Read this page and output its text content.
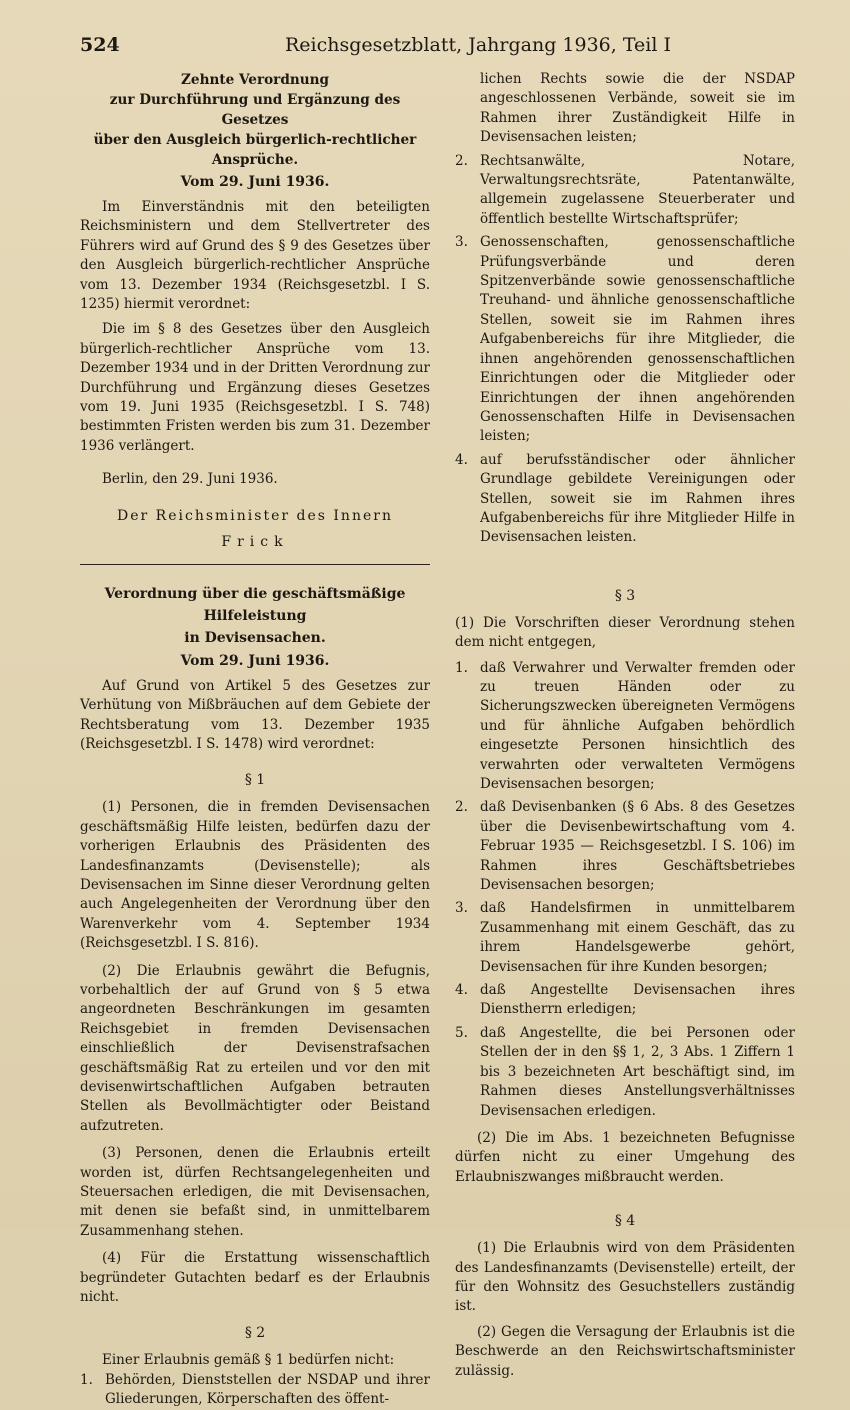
524	Reichsgesetzblatt, Jahrgang 1936, Teil I

Zehnte Verordnung

zur Durchführung und Ergänzung des Gesetzes

über den Ausgleich bürgerlich-rechtlicher Ansprüche.

Vom 29. Juni 1936.

Im Einverständnis mit den beteiligten Reichsministern und dem Stellvertreter des Führers wird auf Grund des § 9 des Gesetzes über den Ausgleich bürgerlich-rechtlicher Ansprüche vom 13. Dezember 1934 (Reichsgesetzbl. I S. 1235) hiermit verordnet:

Die im § 8 des Gesetzes über den Ausgleich bürgerlich-rechtlicher Ansprüche vom 13. Dezember 1934 und in der Dritten Verordnung zur Durchführung und Ergänzung dieses Gesetzes vom 19. Juni 1935 (Reichsgesetzbl. I S. 748) bestimmten Fristen werden bis zum 31. Dezember 1936 verlängert.

Berlin, den 29. Juni 1936.

Der Reichsminister des Innern

Frick

Verordnung über die geschäftsmäßige Hilfeleistung

in Devisensachen.

Vom 29. Juni 1936.

Auf Grund von Artikel 5 des Gesetzes zur Verhütung von Mißbräuchen auf dem Gebiete der Rechtsberatung vom 13. Dezember 1935 (Reichsgesetzbl. I S. 1478) wird verordnet:

§ 1

(1) Personen, die in fremden Devisensachen geschäftsmäßig Hilfe leisten, bedürfen dazu der vorherigen Erlaubnis des Präsidenten des Landesfinanzamts (Devisenstelle); als Devisensachen im Sinne dieser Verordnung gelten auch Angelegenheiten der Verordnung über den Warenverkehr vom 4. September 1934 (Reichsgesetzbl. I S. 816).

(2) Die Erlaubnis gewährt die Befugnis, vorbehaltlich der auf Grund von § 5 etwa angeordneten Beschränkungen im gesamten Reichsgebiet in fremden Devisensachen einschließlich der Devisenstrafsachen geschäftsmäßig Rat zu erteilen und vor den mit devisenwirtschaftlichen Aufgaben betrauten Stellen als Bevollmächtigter oder Beistand aufzutreten.

(3) Personen, denen die Erlaubnis erteilt worden ist, dürfen Rechtsangelegenheiten und Steuersachen erledigen, die mit Devisensachen, mit denen sie befaßt sind, in unmittelbarem Zusammenhang stehen.

(4) Für die Erstattung wissenschaftlich begründeter Gutachten bedarf es der Erlaubnis nicht.

§ 2

Einer Erlaubnis gemäß § 1 bedürfen nicht:

1. Behörden, Dienststellen der NSDAP und ihrer Gliederungen, Körperschaften des öffent-
lichen Rechts sowie die der NSDAP angeschlossenen Verbände, soweit sie im Rahmen ihrer Zuständigkeit Hilfe in Devisensachen leisten;
2. Rechtsanwälte, Notare, Verwaltungsrechtsräte, Patentanwälte, allgemein zugelassene Steuerberater und öffentlich bestellte Wirtschaftsprüfer;
3. Genossenschaften, genossenschaftliche Prüfungsverbände und deren Spitzenverbände sowie genossenschaftliche Treuhand- und ähnliche genossenschaftliche Stellen, soweit sie im Rahmen ihres Aufgabenbereichs für ihre Mitglieder, die ihnen angehörenden genossenschaftlichen Einrichtungen oder die Mitglieder oder Einrichtungen der ihnen angehörenden Genossenschaften Hilfe in Devisensachen leisten;
4. auf berufsständischer oder ähnlicher Grundlage gebildete Vereinigungen oder Stellen, soweit sie im Rahmen ihres Aufgabenbereichs für ihre Mitglieder Hilfe in Devisensachen leisten.

§ 3

(1) Die Vorschriften dieser Verordnung stehen dem nicht entgegen,

1. daß Verwahrer und Verwalter fremden oder zu treuen Händen oder zu Sicherungszwecken übereigneten Vermögens und für ähnliche Aufgaben behördlich eingesetzte Personen hinsichtlich des verwahrten oder verwalteten Vermögens Devisensachen besorgen;
2. daß Devisenbanken (§ 6 Abs. 8 des Gesetzes über die Devisenbewirtschaftung vom 4. Februar 1935 — Reichsgesetzbl. I S. 106) im Rahmen ihres Geschäftsbetriebes Devisensachen besorgen;
3. daß Handelsfirmen in unmittelbarem Zusammenhang mit einem Geschäft, das zu ihrem Handelsgewerbe gehört, Devisensachen für ihre Kunden besorgen;
4. daß Angestellte Devisensachen ihres Dienstherrn erledigen;
5. daß Angestellte, die bei Personen oder Stellen der in den §§ 1, 2, 3 Abs. 1 Ziffern 1 bis 3 bezeichneten Art beschäftigt sind, im Rahmen dieses Anstellungsverhältnisses Devisensachen erledigen.

(2) Die im Abs. 1 bezeichneten Befugnisse dürfen nicht zu einer Umgehung des Erlaubniszwanges mißbraucht werden.

§ 4

(1) Die Erlaubnis wird von dem Präsidenten des Landesfinanzamts (Devisenstelle) erteilt, der für den Wohnsitz des Gesuchstellers zuständig ist.

(2) Gegen die Versagung der Erlaubnis ist die Beschwerde an den Reichswirtschaftsminister zulässig.
